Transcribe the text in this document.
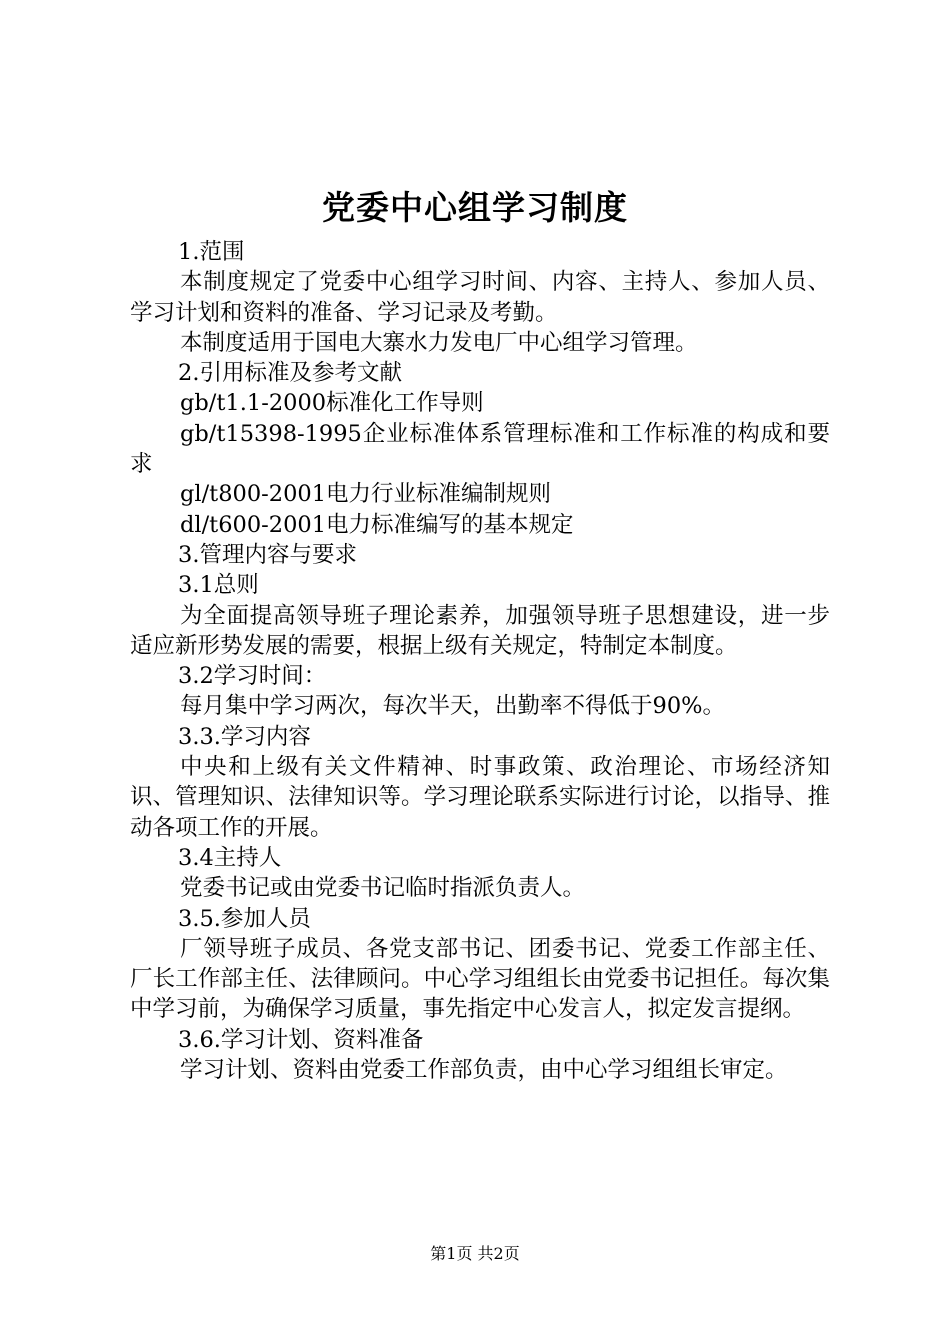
党委中心组学习制度

1.范围

本制度规定了党委中心组学习时间、内容、主持人、参加人员、学习计划和资料的准备、学习记录及考勤。

本制度适用于国电大寨水力发电厂中心组学习管理。

2.引用标准及参考文献

gb/t1.1-2000标准化工作导则

gb/t15398-1995企业标准体系管理标准和工作标准的构成和要求

gl/t800-2001电力行业标准编制规则

dl/t600-2001电力标准编写的基本规定

3.管理内容与要求

3.1总则

为全面提高领导班子理论素养，加强领导班子思想建设，进一步适应新形势发展的需要，根据上级有关规定，特制定本制度。

3.2学习时间：

每月集中学习两次，每次半天，出勤率不得低于90%。

3.3.学习内容

中央和上级有关文件精神、时事政策、政治理论、市场经济知识、管理知识、法律知识等。学习理论联系实际进行讨论，以指导、推动各项工作的开展。

3.4主持人

党委书记或由党委书记临时指派负责人。

3.5.参加人员

厂领导班子成员、各党支部书记、团委书记、党委工作部主任、厂长工作部主任、法律顾问。中心学习组组长由党委书记担任。每次集中学习前，为确保学习质量，事先指定中心发言人，拟定发言提纲。

3.6.学习计划、资料准备

学习计划、资料由党委工作部负责，由中心学习组组长审定。

第1页 共2页
